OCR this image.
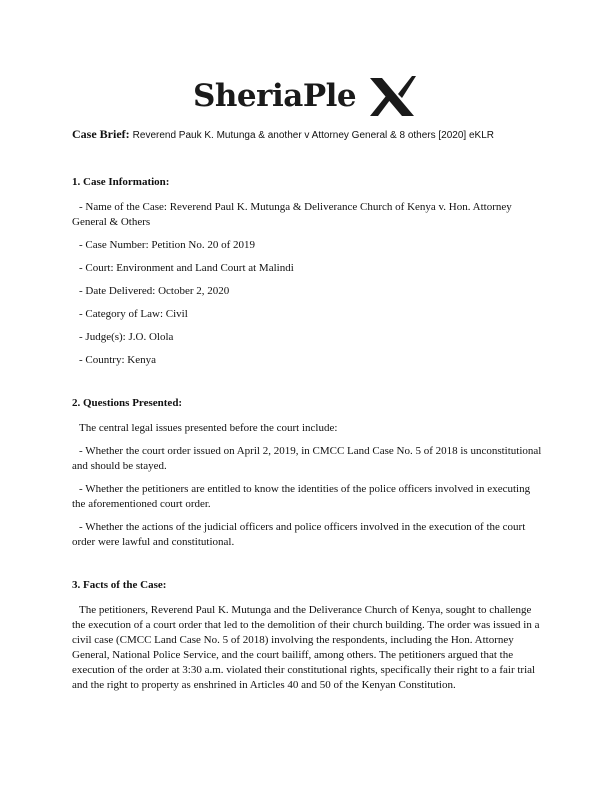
SheriaPle
Case Brief: Reverend Pauk K. Mutunga & another v Attorney General & 8 others [2020] eKLR
1. Case Information:

- Name of the Case: Reverend Paul K. Mutunga & Deliverance Church of Kenya v. Hon. Attorney General & Others

- Case Number: Petition No. 20 of 2019

- Court: Environment and Land Court at Malindi

- Date Delivered: October 2, 2020

- Category of Law: Civil

- Judge(s): J.O. Olola

- Country: Kenya

2. Questions Presented:

The central legal issues presented before the court include:

- Whether the court order issued on April 2, 2019, in CMCC Land Case No. 5 of 2018 is unconstitutional and should be stayed.

- Whether the petitioners are entitled to know the identities of the police officers involved in executing the aforementioned court order.

- Whether the actions of the judicial officers and police officers involved in the execution of the court order were lawful and constitutional.

3. Facts of the Case:

The petitioners, Reverend Paul K. Mutunga and the Deliverance Church of Kenya, sought to challenge the execution of a court order that led to the demolition of their church building. The order was issued in a civil case (CMCC Land Case No. 5 of 2018) involving the respondents, including the Hon. Attorney General, National Police Service, and the court bailiff, among others. The petitioners argued that the execution of the order at 3:30 a.m. violated their constitutional rights, specifically their right to a fair trial and the right to property as enshrined in Articles 40 and 50 of the Kenyan Constitution.
